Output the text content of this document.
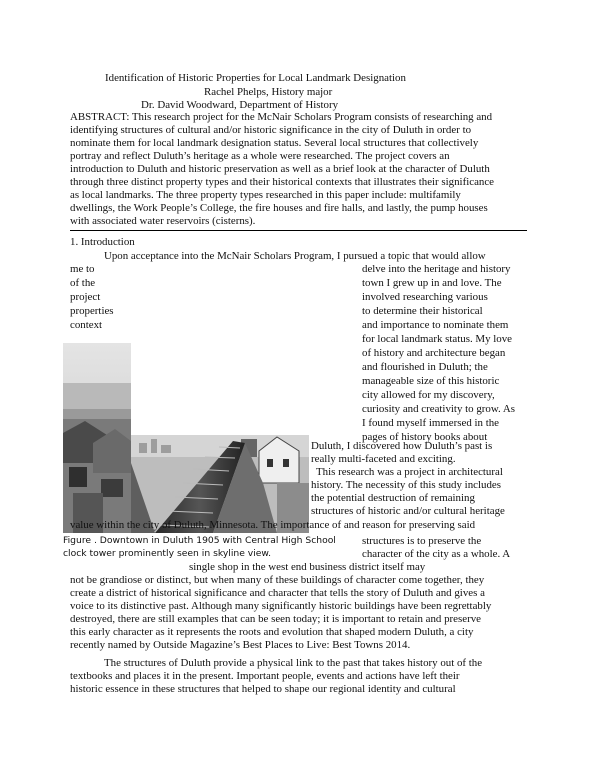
Identification of Historic Properties for Local Landmark Designation
Rachel Phelps, History major
Dr. David Woodward, Department of History
ABSTRACT: This research project for the McNair Scholars Program consists of researching and
identifying structures of cultural and/or historic significance in the city of Duluth in order to
nominate them for local landmark designation status. Several local structures that collectively
portray and reflect Duluth’s heritage as a whole were researched. The project covers an
introduction to Duluth and historic preservation as well as a brief look at the character of Duluth
through three distinct property types and their historical contexts that illustrates their significance
as local landmarks. The three property types researched in this paper include: multifamily
dwellings, the Work People’s College, the fire houses and fire halls, and lastly, the pump houses
with associated water reservoirs (cisterns).
1. Introduction
Upon acceptance into the McNair Scholars Program, I pursued a topic that would allow
me to
of the
project
properties
context
delve into the heritage and history
town I grew up in and love. The
involved researching various
to determine their historical
and importance to nominate them
for local landmark status. My love
of history and architecture began
and flourished in Duluth; the
manageable size of this historic
city allowed for my discovery,
curiosity and creativity to grow. As
I found myself immersed in the
pages of history books about
Duluth, I discovered how Duluth’s past is
really multi-faceted and exciting.
This research was a project in architectural
history. The necessity of this study includes
the potential destruction of remaining
structures of historic and/or cultural heritage
value within the city of Duluth, Minnesota. The importance of and reason for preserving said
Figure . Downtown in Duluth 1905 with Central High School
clock tower prominently seen in skyline view.
structures is to preserve the
character of the city as a whole. A
single shop in the west end business district itself may
not be grandiose or distinct, but when many of these buildings of character come together, they
create a district of historical significance and character that tells the story of Duluth and gives a
voice to its distinctive past. Although many significantly historic buildings have been regrettably
destroyed, there are still examples that can be seen today; it is important to retain and preserve
this early character as it represents the roots and evolution that shaped modern Duluth, a city
recently named by Outside Magazine’s Best Places to Live: Best Towns 2014.
The structures of Duluth provide a physical link to the past that takes history out of the
textbooks and places it in the present. Important people, events and actions have left their
historic essence in these structures that helped to shape our regional identity and cultural
